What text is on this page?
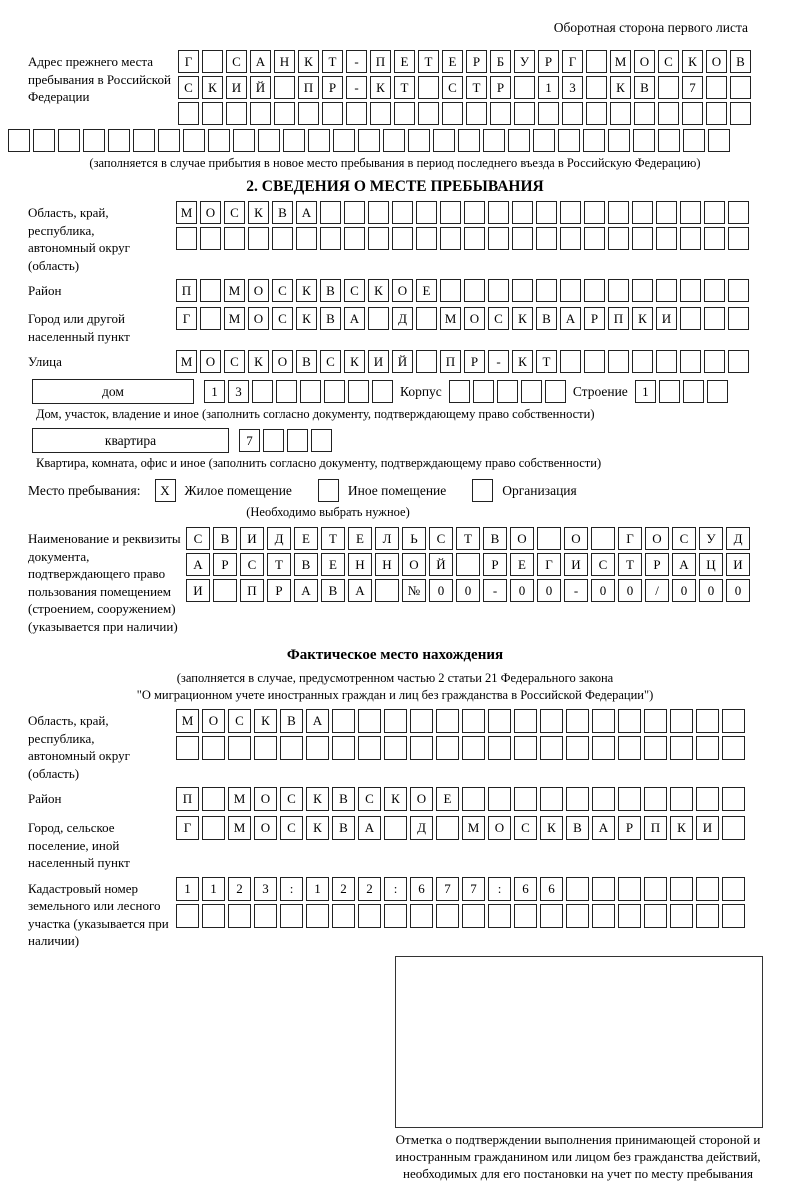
Оборотная сторона первого листа
Адрес прежнего места пребывания в Российской Федерации
Г	С	А	Н	К	Т	-	П	Е	Т	Е	Р	Б	У	Р	Г	М	О	С	К	О	В
С	К	И	Й	П	Р	-	К	Т	С	Т	Р	1	3	К	В	7
(заполняется в случае прибытия в новое место пребывания в период последнего въезда в Российскую Федерацию)
2. СВЕДЕНИЯ О МЕСТЕ ПРЕБЫВАНИЯ
Область, край, республика, автономный округ (область)
М	О	С	К	В	А
Район	П	М	О	С	К	В	С	К	О	Е
Город или другой населенный пункт
Г	М	О	С	К	В	А	Д	М	О	С	К	В	А	Р	П	К	И
Улица	М	О	С	К	О	В	С	К	И	Й	П	Р	-	К	Т
дом	1	3	Корпус	Строение	1
Дом, участок, владение и иное (заполнить согласно документу, подтверждающему право собственности)
квартира	7
Квартира, комната, офис и иное (заполнить согласно документу, подтверждающему право собственности)
Место пребывания:	X	Жилое помещение	Иное помещение	Организация
(Необходимо выбрать нужное)
Наименование и реквизиты документа, подтверждающего право пользования помещением (строением, сооружением) (указывается при наличии)
С	В	И	Д	Е	Т	Е	Л	Ь	С	Т	В	О	О	Г	О	С	У	Д
А	Р	С	Т	В	Е	Н	Н	О	Й	Р	Е	Г	И	С	Т	Р	А	Ц	И
И	П	Р	А	В	А	№	0	0	-	0	0	-	0	0	/	0	0	0
Фактическое место нахождения
(заполняется в случае, предусмотренном частью 2 статьи 21 Федерального закона
"О миграционном учете иностранных граждан и лиц без гражданства в Российской Федерации")
Область, край, республика, автономный округ (область)
М	О	С	К	В	А
Район	П	М	О	С	К	В	С	К	О	Е
Город, сельское поселение, иной населенный пункт
Г	М	О	С	К	В	А	Д	М	О	С	К	В	А	Р	П	К	И
Кадастровый номер земельного или лесного участка (указывается при наличии)
1	1	2	3	:	1	2	2	:	6	7	7	:	6	6
Отметка о подтверждении выполнения принимающей стороной и иностранным гражданином или лицом без гражданства действий, необходимых для его постановки на учет по месту пребывания
